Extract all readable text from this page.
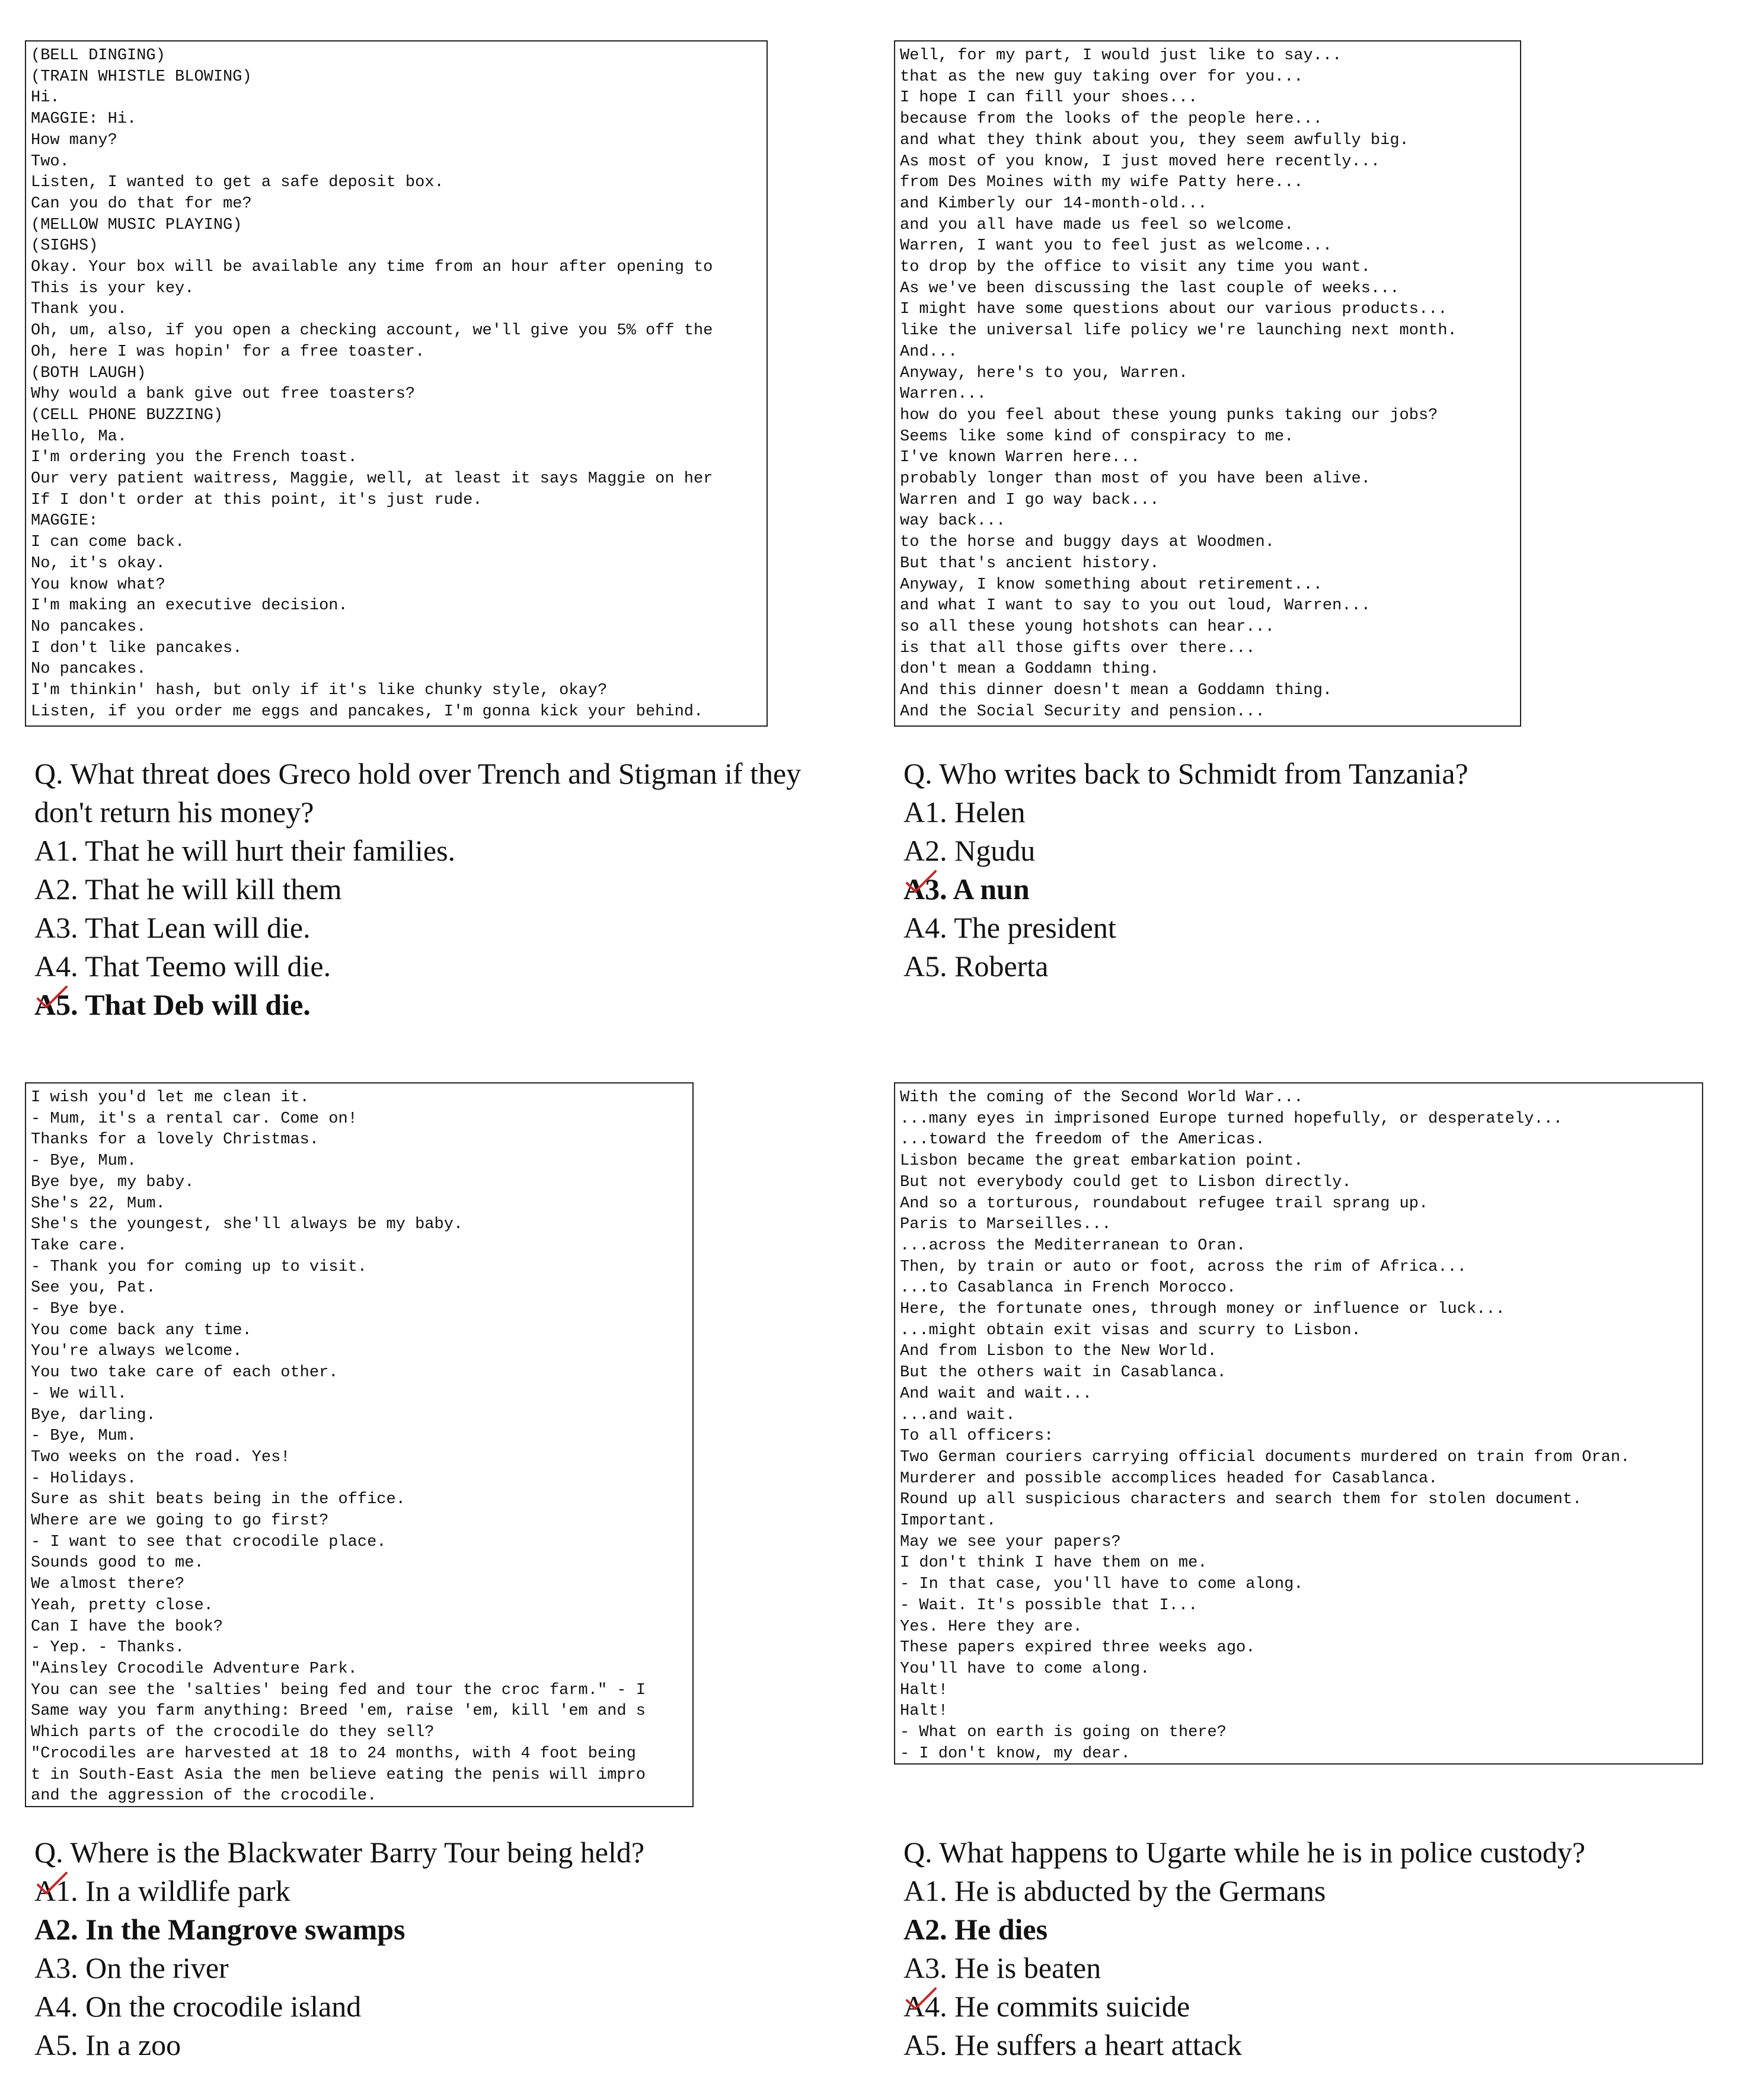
(BELL DINGING)
(TRAIN WHISTLE BLOWING)
Hi.
MAGGIE: Hi.
How many?
Two.
Listen, I wanted to get a safe deposit box.
Can you do that for me?
(MELLOW MUSIC PLAYING)
(SIGHS)
Okay. Your box will be available any time from an hour after opening to
This is your key.
Thank you.
Oh, um, also, if you open a checking account, we'll give you 5% off the
Oh, here I was hopin' for a free toaster.
(BOTH LAUGH)
Why would a bank give out free toasters?
(CELL PHONE BUZZING)
Hello, Ma.
I'm ordering you the French toast.
Our very patient waitress, Maggie, well, at least it says Maggie on her
If I don't order at this point, it's just rude.
MAGGIE:
I can come back.
No, it's okay.
You know what?
I'm making an executive decision.
No pancakes.
I don't like pancakes.
No pancakes.
I'm thinkin' hash, but only if it's like chunky style, okay?
Listen, if you order me eggs and pancakes, I'm gonna kick your behind.
Q. What threat does Greco hold over Trench and Stigman if they
don't return his money?
A1. That he will hurt their families.
A2. That he will kill them
A3. That Lean will die.
A4. That Teemo will die.
A5. That Deb will die.
Well, for my part, I would just like to say...
that as the new guy taking over for you...
I hope I can fill your shoes...
because from the looks of the people here...
and what they think about you, they seem awfully big.
As most of you know, I just moved here recently...
from Des Moines with my wife Patty here...
and Kimberly our 14-month-old...
and you all have made us feel so welcome.
Warren, I want you to feel just as welcome...
to drop by the office to visit any time you want.
As we've been discussing the last couple of weeks...
I might have some questions about our various products...
like the universal life policy we're launching next month.
And...
Anyway, here's to you, Warren.
Warren...
how do you feel about these young punks taking our jobs?
Seems like some kind of conspiracy to me.
I've known Warren here...
probably longer than most of you have been alive.
Warren and I go way back...
way back...
to the horse and buggy days at Woodmen.
But that's ancient history.
Anyway, I know something about retirement...
and what I want to say to you out loud, Warren...
so all these young hotshots can hear...
is that all those gifts over there...
don't mean a Goddamn thing.
And this dinner doesn't mean a Goddamn thing.
And the Social Security and pension...
Q. Who writes back to Schmidt from Tanzania?
A1. Helen
A2. Ngudu
A3. A nun
A4. The president
A5. Roberta
I wish you'd let me clean it.
- Mum, it's a rental car. Come on!
Thanks for a lovely Christmas.
- Bye, Mum.
Bye bye, my baby.
She's 22, Mum.
She's the youngest, she'll always be my baby.
Take care.
- Thank you for coming up to visit.
See you, Pat.
- Bye bye.
You come back any time.
You're always welcome.
You two take care of each other.
- We will.
Bye, darling.
- Bye, Mum.
Two weeks on the road. Yes!
- Holidays.
Sure as shit beats being in the office.
Where are we going to go first?
- I want to see that crocodile place.
Sounds good to me.
We almost there?
Yeah, pretty close.
Can I have the book?
- Yep. - Thanks.
"Ainsley Crocodile Adventure Park.
You can see the 'salties' being fed and tour the croc farm." - I
Same way you farm anything: Breed 'em, raise 'em, kill 'em and s
Which parts of the crocodile do they sell?
"Crocodiles are harvested at 18 to 24 months, with 4 foot being
t in South-East Asia the men believe eating the penis will impro
and the aggression of the crocodile.
Q. Where is the Blackwater Barry Tour being held?
A1. In a wildlife park
A2. In the Mangrove swamps
A3. On the river
A4. On the crocodile island
A5. In a zoo
With the coming of the Second World War...
...many eyes in imprisoned Europe turned hopefully, or desperately...
...toward the freedom of the Americas.
Lisbon became the great embarkation point.
But not everybody could get to Lisbon directly.
And so a torturous, roundabout refugee trail sprang up.
Paris to Marseilles...
...across the Mediterranean to Oran.
Then, by train or auto or foot, across the rim of Africa...
...to Casablanca in French Morocco.
Here, the fortunate ones, through money or influence or luck...
...might obtain exit visas and scurry to Lisbon.
And from Lisbon to the New World.
But the others wait in Casablanca.
And wait and wait...
...and wait.
To all officers:
Two German couriers carrying official documents murdered on train from Oran.
Murderer and possible accomplices headed for Casablanca.
Round up all suspicious characters and search them for stolen document.
Important.
May we see your papers?
I don't think I have them on me.
- In that case, you'll have to come along.
- Wait. It's possible that I...
Yes. Here they are.
These papers expired three weeks ago.
You'll have to come along.
Halt!
Halt!
- What on earth is going on there?
- I don't know, my dear.
Q. What happens to Ugarte while he is in police custody?
A1. He is abducted by the Germans
A2. He dies
A3. He is beaten
A4. He commits suicide
A5. He suffers a heart attack
